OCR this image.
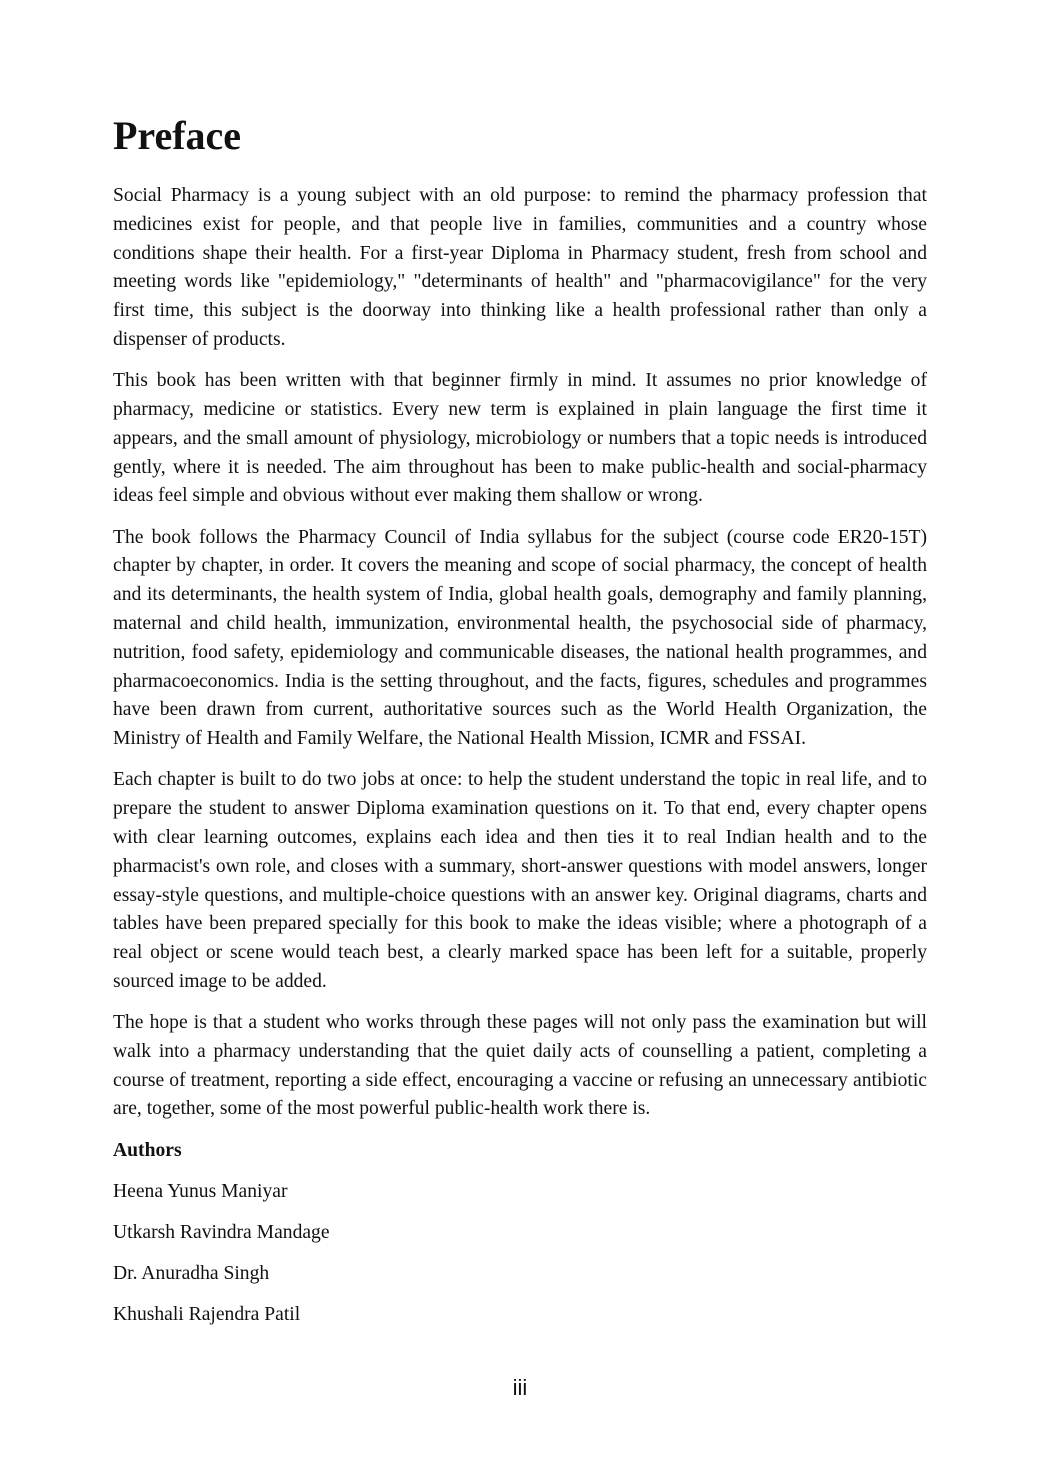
Preface

Social Pharmacy is a young subject with an old purpose: to remind the pharmacy profession that medicines exist for people, and that people live in families, communities and a country whose conditions shape their health. For a first-year Diploma in Pharmacy student, fresh from school and meeting words like "epidemiology," "determinants of health" and "pharmacovigilance" for the very first time, this subject is the doorway into thinking like a health professional rather than only a dispenser of products.

This book has been written with that beginner firmly in mind. It assumes no prior knowledge of pharmacy, medicine or statistics. Every new term is explained in plain language the first time it appears, and the small amount of physiology, microbiology or numbers that a topic needs is introduced gently, where it is needed. The aim throughout has been to make public-health and social-pharmacy ideas feel simple and obvious without ever making them shallow or wrong.

The book follows the Pharmacy Council of India syllabus for the subject (course code ER20-15T) chapter by chapter, in order. It covers the meaning and scope of social pharmacy, the concept of health and its determinants, the health system of India, global health goals, demography and family planning, maternal and child health, immunization, environmental health, the psychosocial side of pharmacy, nutrition, food safety, epidemiology and communicable diseases, the national health programmes, and pharmacoeconomics. India is the setting throughout, and the facts, figures, schedules and programmes have been drawn from current, authoritative sources such as the World Health Organization, the Ministry of Health and Family Welfare, the National Health Mission, ICMR and FSSAI.

Each chapter is built to do two jobs at once: to help the student understand the topic in real life, and to prepare the student to answer Diploma examination questions on it. To that end, every chapter opens with clear learning outcomes, explains each idea and then ties it to real Indian health and to the pharmacist's own role, and closes with a summary, short-answer questions with model answers, longer essay-style questions, and multiple-choice questions with an answer key. Original diagrams, charts and tables have been prepared specially for this book to make the ideas visible; where a photograph of a real object or scene would teach best, a clearly marked space has been left for a suitable, properly sourced image to be added.

The hope is that a student who works through these pages will not only pass the examination but will walk into a pharmacy understanding that the quiet daily acts of counselling a patient, completing a course of treatment, reporting a side effect, encouraging a vaccine or refusing an unnecessary antibiotic are, together, some of the most powerful public-health work there is.

Authors
Heena Yunus Maniyar
Utkarsh Ravindra Mandage
Dr. Anuradha Singh
Khushali Rajendra Patil
iii
